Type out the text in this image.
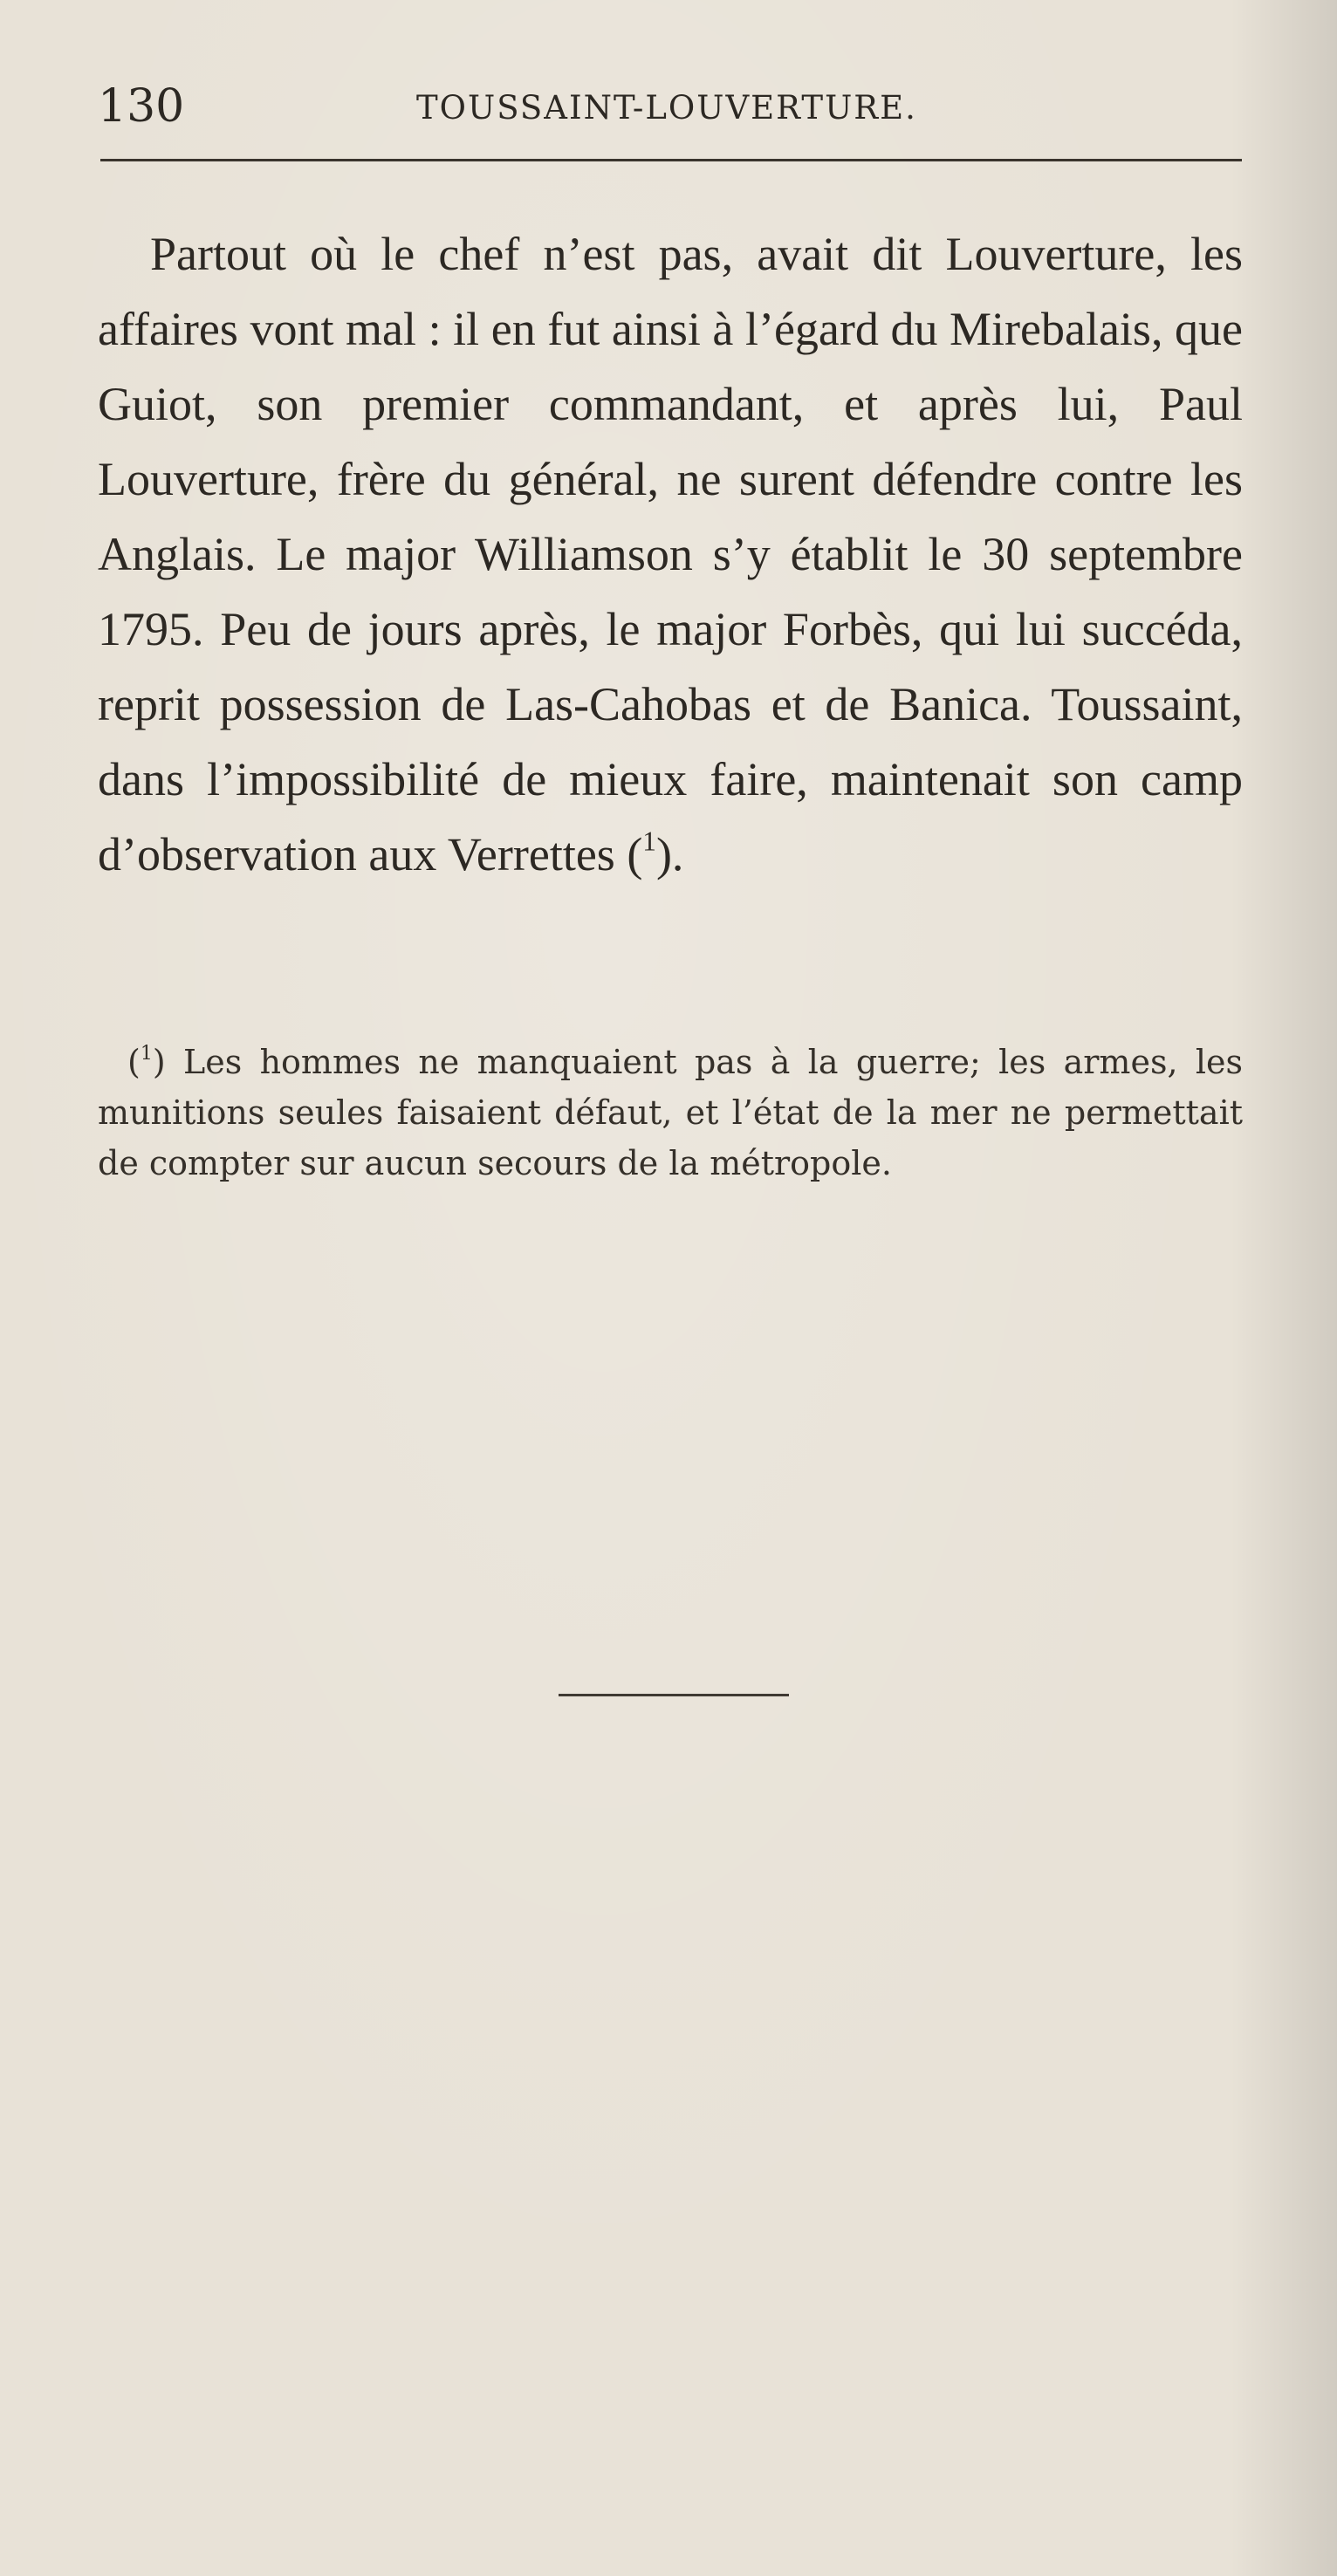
130	TOUSSAINT-LOUVERTURE.

Partout où le chef n’est pas, avait dit Louverture, les affaires vont mal : il en fut ainsi à l’égard du Mirebalais, que Guiot, son premier commandant, et après lui, Paul Louverture, frère du général, ne surent défendre contre les Anglais. Le major Williamson s’y établit le 30 septembre 1795. Peu de jours après, le major Forbès, qui lui succéda, reprit possession de Las-Cahobas et de Banica. Toussaint, dans l’impossibilité de mieux faire, maintenait son camp d’observation aux Verrettes ($^1$).

($^1$) Les hommes ne manquaient pas à la guerre; les armes, les munitions seules faisaient défaut, et l’état de la mer ne permettait de compter sur aucun secours de la métropole.
